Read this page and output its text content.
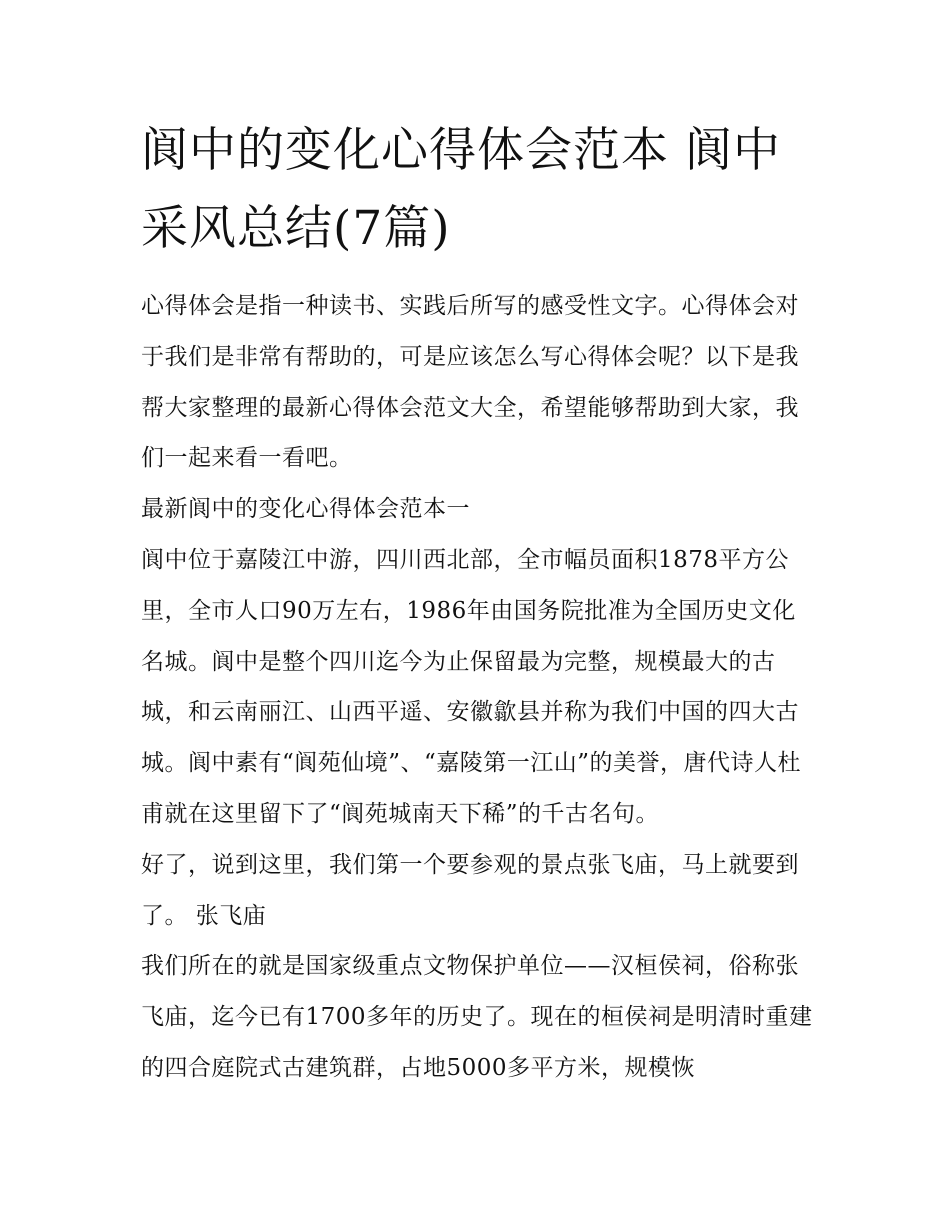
阆中的变化心得体会范本 阆中采风总结(7篇)

心得体会是指一种读书、实践后所写的感受性文字。心得体会对于我们是非常有帮助的，可是应该怎么写心得体会呢？以下是我帮大家整理的最新心得体会范文大全，希望能够帮助到大家，我们一起来看一看吧。

最新阆中的变化心得体会范本一

阆中位于嘉陵江中游，四川西北部，全市幅员面积1878平方公里，全市人口90万左右，1986年由国务院批准为全国历史文化名城。阆中是整个四川迄今为止保留最为完整，规模最大的古城，和云南丽江、山西平遥、安徽歙县并称为我们中国的四大古城。阆中素有“阆苑仙境”、“嘉陵第一江山”的美誉，唐代诗人杜甫就在这里留下了“阆苑城南天下稀”的千古名句。

好了，说到这里，我们第一个要参观的景点张飞庙，马上就要到了。 张飞庙

我们所在的就是国家级重点文物保护单位——汉桓侯祠，俗称张飞庙，迄今已有1700多年的历史了。现在的桓侯祠是明清时重建的四合庭院式古建筑群，占地5000多平方米，规模恢
